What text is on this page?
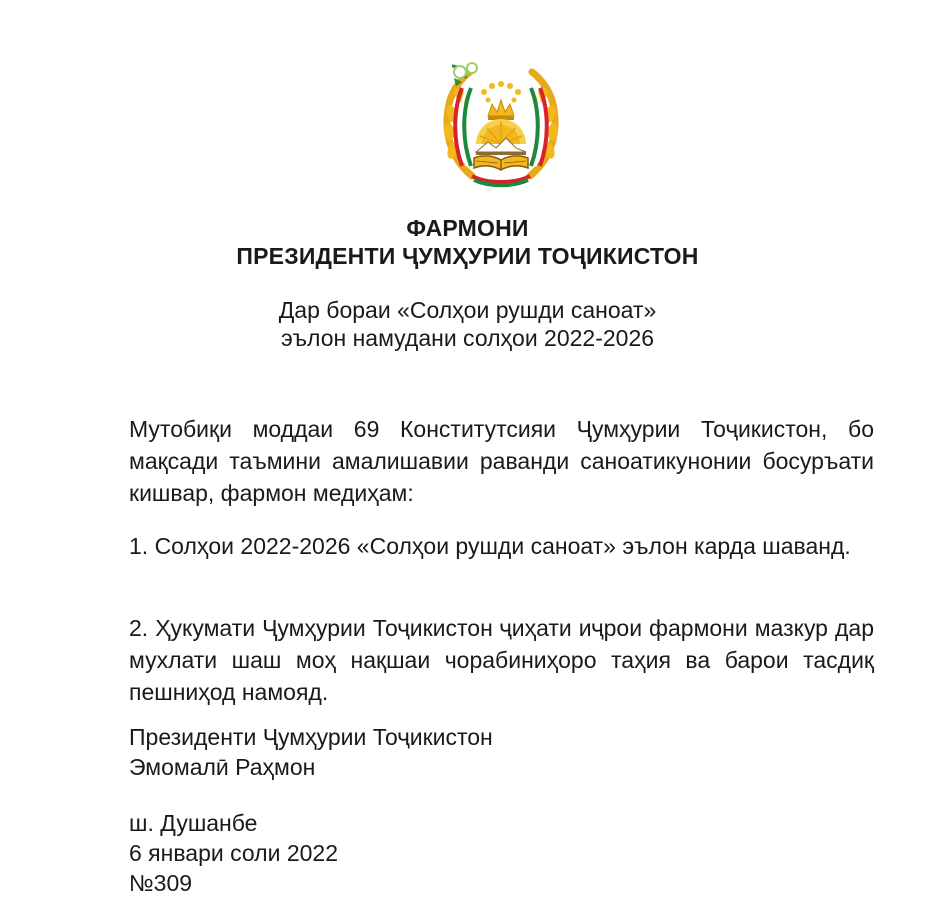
ФАРМОНИ
ПРЕЗИДЕНТИ ҶУМҲУРИИ ТОҶИКИСТОН
Дар бораи «Солҳои рушди саноат»
эълон намудани солҳои 2022-2026
Мутобиқи моддаи 69 Конститутсияи Ҷумҳурии Тоҷикистон, бо мақсади таъмини амалишавии раванди саноатикунонии босуръати кишвар, фармон медиҳам:
1. Солҳои 2022-2026 «Солҳои рушди саноат» эълон карда шаванд.
2. Ҳукумати Ҷумҳурии Тоҷикистон ҷиҳати иҷрои фармони мазкур дар мухлати шаш моҳ нақшаи чорабиниҳоро таҳия ва барои тасдиқ пешниҳод намояд.
Президенти Ҷумҳурии Тоҷикистон
Эмомалӣ Раҳмон
ш. Душанбе
6 январи соли 2022
№309
